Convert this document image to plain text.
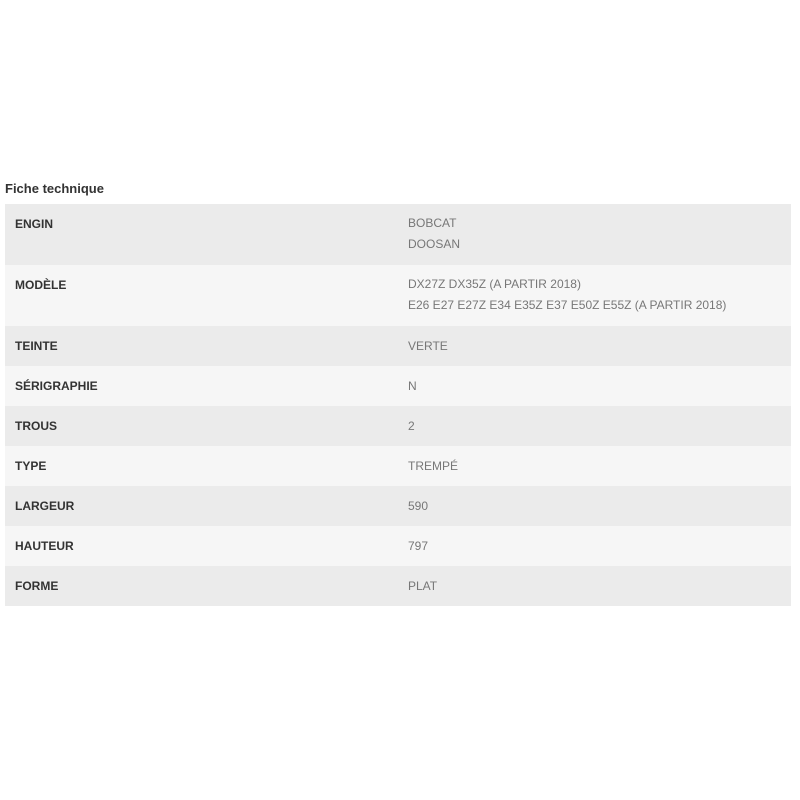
Fiche technique
ENGIN	BOBCAT
DOOSAN

MODÈLE	DX27Z DX35Z (A PARTIR 2018)
E26 E27 E27Z E34 E35Z E37 E50Z E55Z (A PARTIR 2018)

TEINTE	VERTE
SÉRIGRAPHIE	N
TROUS	2
TYPE	TREMPÉ
LARGEUR	590
HAUTEUR	797
FORME	PLAT
